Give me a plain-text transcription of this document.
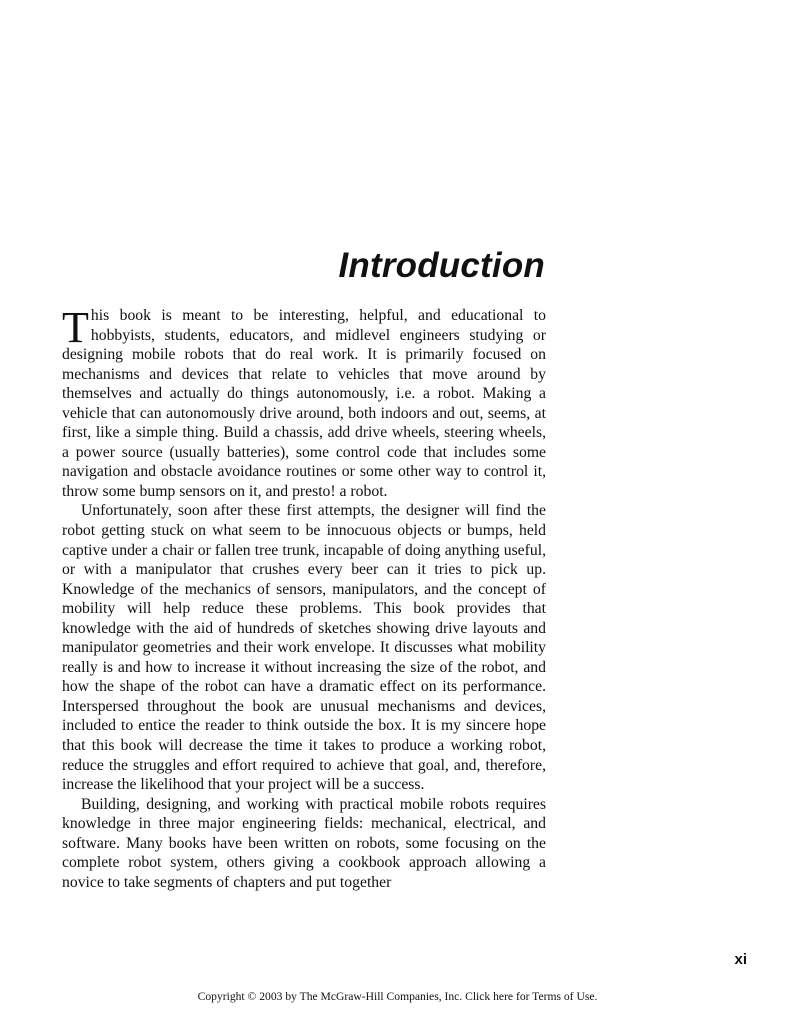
Introduction

This book is meant to be interesting, helpful, and educational to hobbyists, students, educators, and midlevel engineers studying or designing mobile robots that do real work. It is primarily focused on mechanisms and devices that relate to vehicles that move around by themselves and actually do things autonomously, i.e. a robot. Making a vehicle that can autonomously drive around, both indoors and out, seems, at first, like a simple thing. Build a chassis, add drive wheels, steering wheels, a power source (usually batteries), some control code that includes some navigation and obstacle avoidance routines or some other way to control it, throw some bump sensors on it, and presto! a robot.

Unfortunately, soon after these first attempts, the designer will find the robot getting stuck on what seem to be innocuous objects or bumps, held captive under a chair or fallen tree trunk, incapable of doing anything useful, or with a manipulator that crushes every beer can it tries to pick up. Knowledge of the mechanics of sensors, manipulators, and the concept of mobility will help reduce these problems. This book provides that knowledge with the aid of hundreds of sketches showing drive layouts and manipulator geometries and their work envelope. It discusses what mobility really is and how to increase it without increasing the size of the robot, and how the shape of the robot can have a dramatic effect on its performance. Interspersed throughout the book are unusual mechanisms and devices, included to entice the reader to think outside the box. It is my sincere hope that this book will decrease the time it takes to produce a working robot, reduce the struggles and effort required to achieve that goal, and, therefore, increase the likelihood that your project will be a success.

Building, designing, and working with practical mobile robots requires knowledge in three major engineering fields: mechanical, electrical, and software. Many books have been written on robots, some focusing on the complete robot system, others giving a cookbook approach allowing a novice to take segments of chapters and put together

xi
Copyright © 2003 by The McGraw-Hill Companies, Inc. Click here for Terms of Use.
